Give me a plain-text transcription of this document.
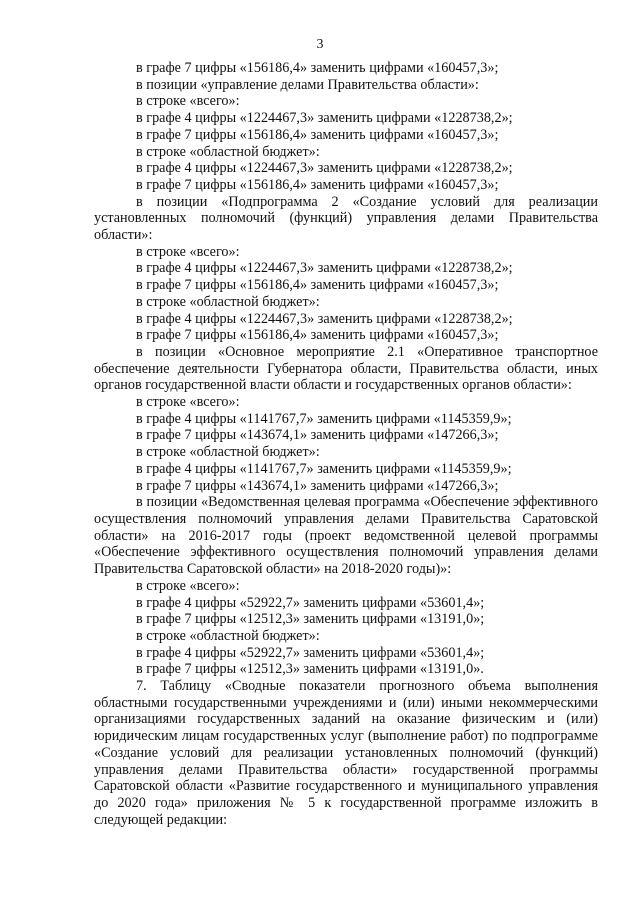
3

в графе 7 цифры «156186,4» заменить цифрами «160457,3»;

в позиции «управление делами Правительства области»:

в строке «всего»:

в графе 4 цифры «1224467,3» заменить цифрами «1228738,2»;

в графе 7 цифры «156186,4» заменить цифрами «160457,3»;

в строке «областной бюджет»:

в графе 4 цифры «1224467,3» заменить цифрами «1228738,2»;

в графе 7 цифры «156186,4» заменить цифрами «160457,3»;

в позиции «Подпрограмма 2 «Создание условий для реализации установленных полномочий (функций) управления делами Правительства области»:

в строке «всего»:

в графе 4 цифры «1224467,3» заменить цифрами «1228738,2»;

в графе 7 цифры «156186,4» заменить цифрами «160457,3»;

в строке «областной бюджет»:

в графе 4 цифры «1224467,3» заменить цифрами «1228738,2»;

в графе 7 цифры «156186,4» заменить цифрами «160457,3»;

в позиции «Основное мероприятие 2.1 «Оперативное транспортное обеспечение деятельности Губернатора области, Правительства области, иных органов государственной власти области и государственных органов области»:

в строке «всего»:

в графе 4 цифры «1141767,7» заменить цифрами «1145359,9»;

в графе 7 цифры «143674,1» заменить цифрами «147266,3»;

в строке «областной бюджет»:

в графе 4 цифры «1141767,7» заменить цифрами «1145359,9»;

в графе 7 цифры «143674,1» заменить цифрами «147266,3»;

в позиции «Ведомственная целевая программа «Обеспечение эффективного осуществления полномочий управления делами Правительства Саратовской области» на 2016-2017 годы (проект ведомственной целевой программы «Обеспечение эффективного осуществления полномочий управления делами Правительства Саратовской области» на 2018-2020 годы)»:

в строке «всего»:

в графе 4 цифры «52922,7» заменить цифрами «53601,4»;

в графе 7 цифры «12512,3» заменить цифрами «13191,0»;

в строке «областной бюджет»:

в графе 4 цифры «52922,7» заменить цифрами «53601,4»;

в графе 7 цифры «12512,3» заменить цифрами «13191,0».

7. Таблицу «Сводные показатели прогнозного объема выполнения областными государственными учреждениями и (или) иными некоммерческими организациями государственных заданий на оказание физическим и (или) юридическим лицам государственных услуг (выполнение работ) по подпрограмме «Создание условий для реализации установленных полномочий (функций) управления делами Правительства области» государственной программы Саратовской области «Развитие государственного и муниципального управления до 2020 года» приложения № 5 к государственной программе изложить в следующей редакции:
